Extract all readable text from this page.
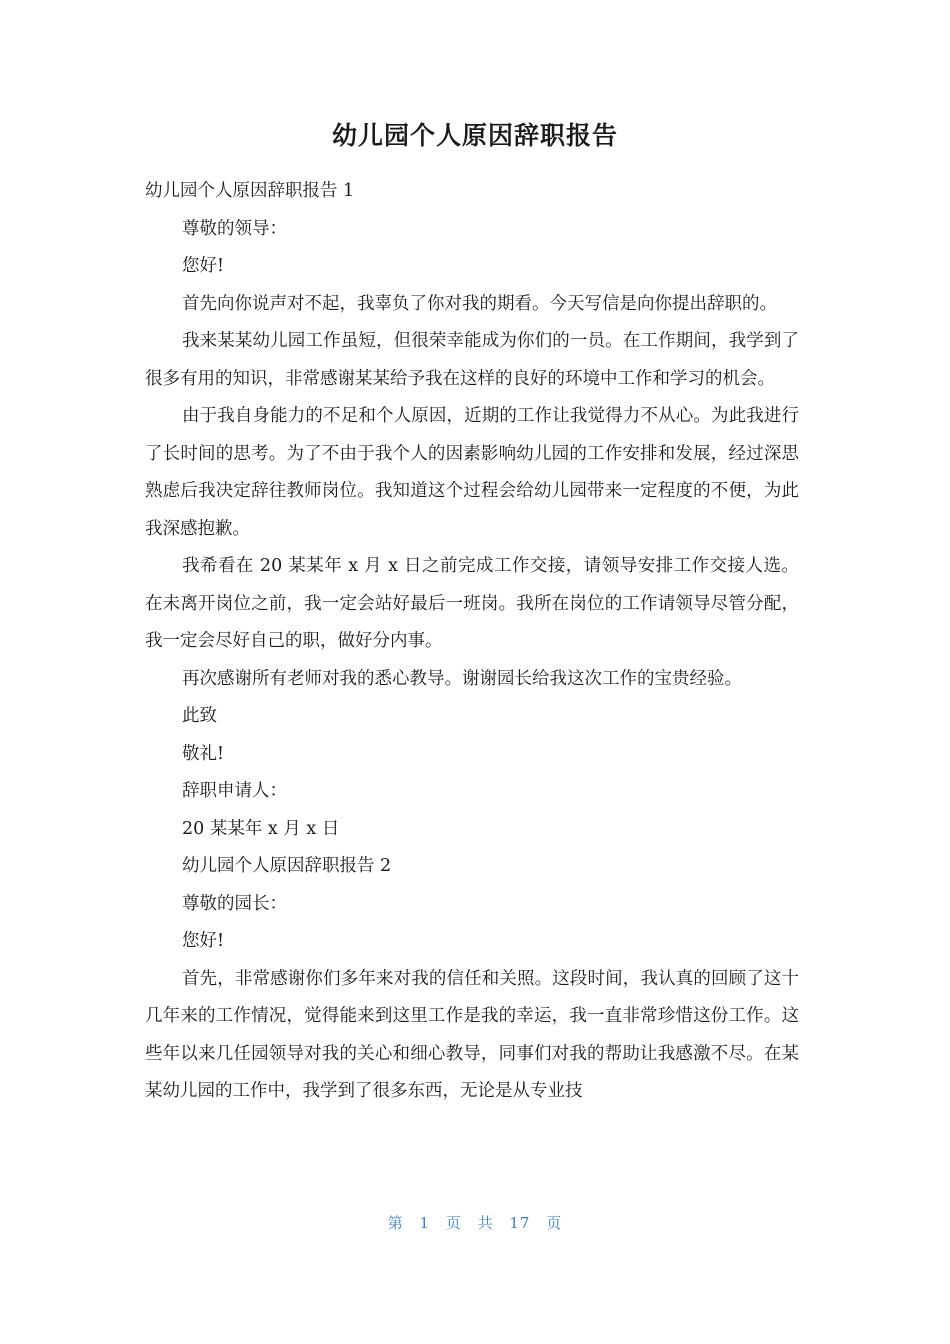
幼儿园个人原因辞职报告

幼儿园个人原因辞职报告 1

尊敬的领导：

您好!

首先向你说声对不起，我辜负了你对我的期看。今天写信是向你提出辞职的。

我来某某幼儿园工作虽短，但很荣幸能成为你们的一员。在工作期间，我学到了很多有用的知识，非常感谢某某给予我在这样的良好的环境中工作和学习的机会。

由于我自身能力的不足和个人原因，近期的工作让我觉得力不从心。为此我进行了长时间的思考。为了不由于我个人的因素影响幼儿园的工作安排和发展，经过深思熟虑后我决定辞往教师岗位。我知道这个过程会给幼儿园带来一定程度的不便，为此我深感抱歉。

我希看在 20 某某年 x 月 x 日之前完成工作交接，请领导安排工作交接人选。在未离开岗位之前，我一定会站好最后一班岗。我所在岗位的工作请领导尽管分配，我一定会尽好自己的职，做好分内事。

再次感谢所有老师对我的悉心教导。谢谢园长给我这次工作的宝贵经验。

此致

敬礼!

辞职申请人：

20 某某年 x 月 x 日

幼儿园个人原因辞职报告 2

尊敬的园长：

您好!

首先，非常感谢你们多年来对我的信任和关照。这段时间，我认真的回顾了这十几年来的工作情况，觉得能来到这里工作是我的幸运，我一直非常珍惜这份工作。这些年以来几任园领导对我的关心和细心教导，同事们对我的帮助让我感激不尽。在某某幼儿园的工作中，我学到了很多东西，无论是从专业技

第 1 页 共 17 页
